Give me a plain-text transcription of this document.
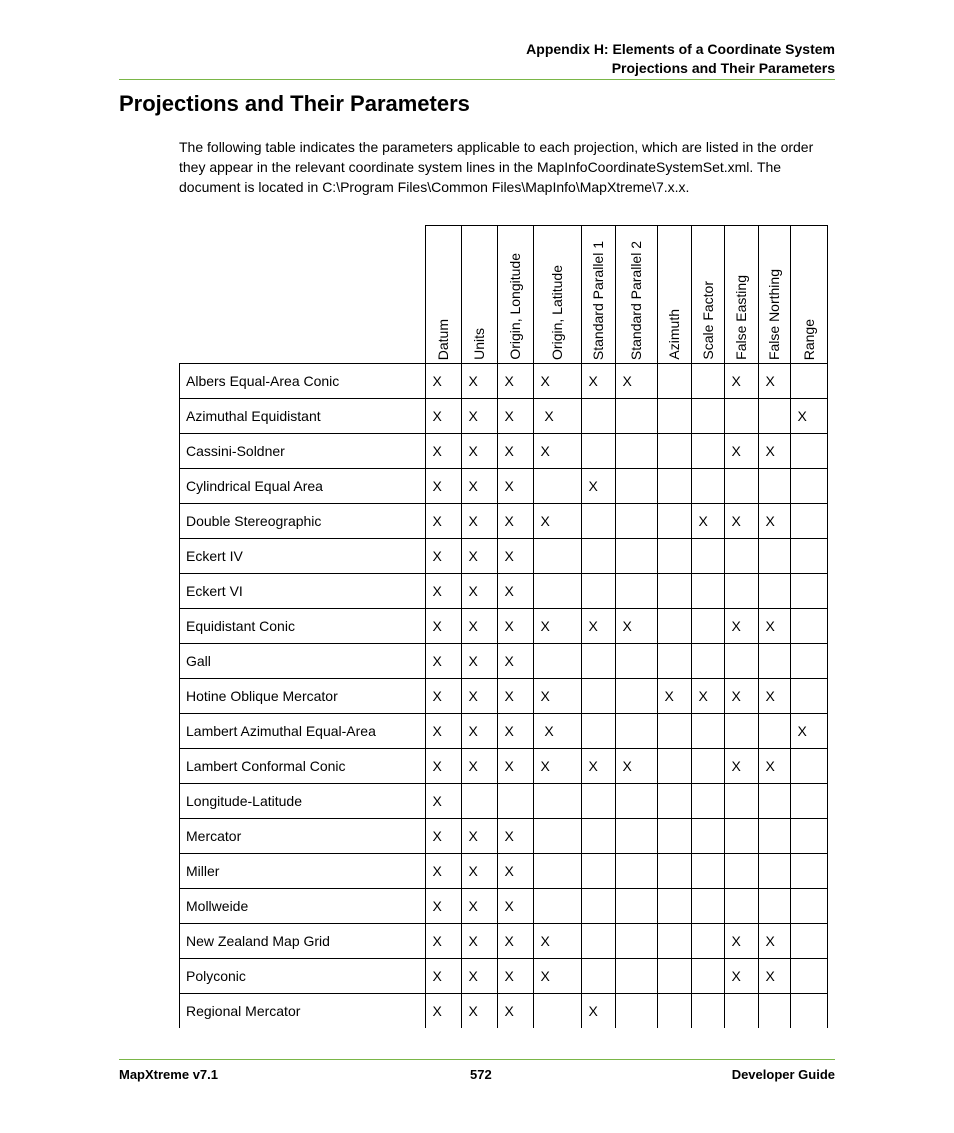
Appendix H: Elements of a Coordinate System
Projections and Their Parameters
Projections and Their Parameters

The following table indicates the parameters applicable to each projection, which are listed in the order they appear in the relevant coordinate system lines in the MapInfoCoordinateSystemSet.xml. The document is located in C:\Program Files\Common Files\MapInfo\MapXtreme\7.x.x.

	Datum	Units	Origin, Longitude	Origin, Latitude	Standard Parallel 1	Standard Parallel 2	Azimuth	Scale Factor	False Easting	False Northing	Range
Albers Equal-Area Conic	X	X	X	X	X	X			X	X	
Azimuthal Equidistant	X	X	X	X							X
Cassini-Soldner	X	X	X	X					X	X	
Cylindrical Equal Area	X	X	X		X						
Double Stereographic	X	X	X	X				X	X	X	
Eckert IV	X	X	X								
Eckert VI	X	X	X								
Equidistant Conic	X	X	X	X	X	X			X	X	
Gall	X	X	X								
Hotine Oblique Mercator	X	X	X	X			X	X	X	X	
Lambert Azimuthal Equal-Area	X	X	X	X							X
Lambert Conformal Conic	X	X	X	X	X	X			X	X	
Longitude-Latitude	X										
Mercator	X	X	X								
Miller	X	X	X								
Mollweide	X	X	X								
New Zealand Map Grid	X	X	X	X					X	X	
Polyconic	X	X	X	X					X	X	
Regional Mercator	X	X	X		X						
MapXtreme v7.1	572	Developer Guide
